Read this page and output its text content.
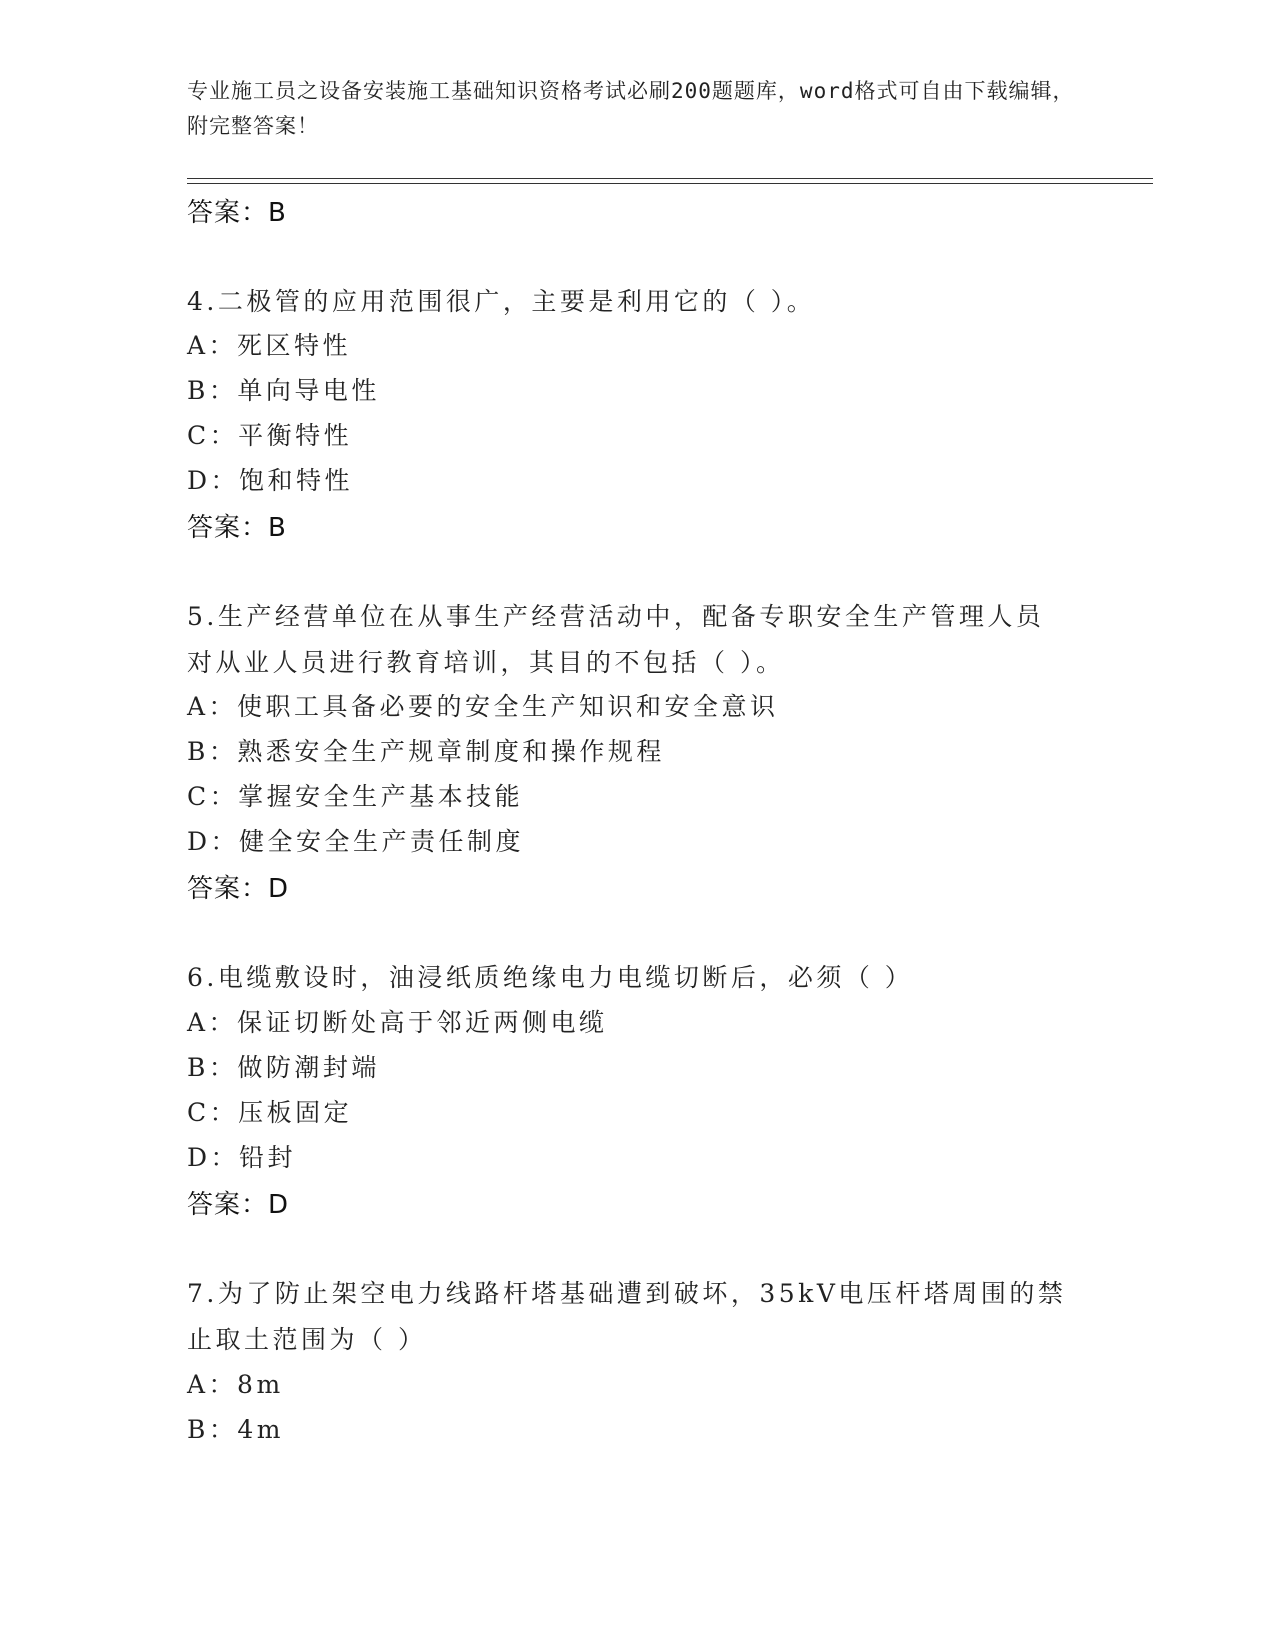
专业施工员之设备安装施工基础知识资格考试必刷200题题库，word格式可自由下载编辑，附完整答案！
答案：B
4.二极管的应用范围很广，主要是利用它的（ ）。
A：死区特性
B：单向导电性
C：平衡特性
D：饱和特性
答案：B
5.生产经营单位在从事生产经营活动中，配备专职安全生产管理人员
对从业人员进行教育培训，其目的不包括（ ）。
A：使职工具备必要的安全生产知识和安全意识
B：熟悉安全生产规章制度和操作规程
C：掌握安全生产基本技能
D：健全安全生产责任制度
答案：D
6.电缆敷设时，油浸纸质绝缘电力电缆切断后，必须（ ）
A：保证切断处高于邻近两侧电缆
B：做防潮封端
C：压板固定
D：铅封
答案：D
7.为了防止架空电力线路杆塔基础遭到破坏，35kV电压杆塔周围的禁
止取土范围为（ ）
A：8m
B：4m
